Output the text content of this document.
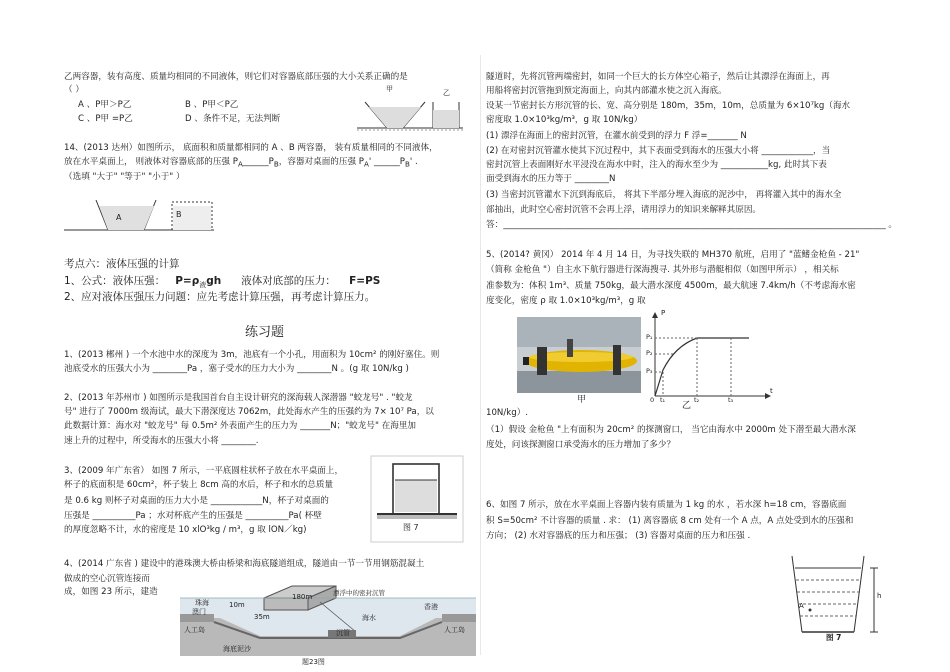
乙两容器，装有高度、质量均相同的不同液体，则它们对容器底部压强的大小关系正确的是
（ ）
A 、P甲＞P乙	B 、P甲＜P乙
C 、P甲 =P乙	D 、条件不足，无法判断
甲	乙
14、(2013 达州）如图所示， 底面积和质量都相同的 A 、B 两容器， 装有质量相同的不同液体，
放在水平桌面上， 则液体对容器底部的压强 $P_A\_\_\_\_\_\_P_B$，容器对桌面的压强 $P_A'$ $\_\_\_\_\_\_P_B'$ .
（选填 "大于" "等于" "小于" ）
A	B
考点六：液体压强的计算
1、公式：液体压强： $P=\rho_液gh$ 液体对底部的压力： F=PS
2、应对液体压强压力问题：应先考虑计算压强，再考虑计算压力。
练习题
1、(2013 郴州 ) 一个水池中水的深度为 3m，池底有一个小孔，用面积为 10cm² 的刚好塞住。则
池底受水的压强大小为 ________Pa ，塞子受水的压力大小为 ________N 。(g 取 10N/kg )
2、(2013 年苏州市 ) 如图所示是我国首台自主设计研究的深海载人深潜器 "蛟龙号" . "蛟龙
号" 进行了 7000m 级海试，最大下潜深度达 7062m，此处海水产生的压强约为 7× 10⁷ Pa，以
此数据计算：海水对 "蛟龙号" 每 0.5m² 外表面产生的压力为 _______N；"蛟龙号" 在海里加
速上升的过程中，所受海水的压强大小将 ________.
3、(2009 年广东省） 如图 7 所示，一平底圆柱状杯子放在水平桌面上，
杯子的底面积是 60cm²，杯子装上 8cm 高的水后，杯子和水的总质量
是 0.6 kg 则杯子对桌面的压力大小是 ____________N，杯子对桌面的
压强是 __________Pa ；水对杯底产生的压强是 __________Pa( 杯壁
的厚度忽略不计，水的密度是 10 xlO³kg / m³，g 取 lON／kg)	图 7
4、(2014 广东省 ) 建设中的港珠澳大桥由桥梁和海底隧道组成，隧道由一节一节用钢筋混凝土
做成的空心沉管连接而
成，如图 23 所示，建造
珠海
澳门
香港
人工岛	人工岛
10m
35m
180m	漂浮中的密封沉管
海水
沉管
海底泥沙
题23图
隧道时，先将沉管两端密封，如同一个巨大的长方体空心箱子，然后让其漂浮在海面上，再
用船将密封沉管拖到预定海面上，向其内部灌水使之沉入海底。
设某一节密封长方形沉管的长、宽、高分别是 180m，35m，10m，总质量为 6×10⁷kg（海水
密度取 1.0×10³kg/m³，g 取 10N/kg）
(1) 漂浮在海面上的密封沉管，在灌水前受到的浮力 F 浮=_______ N
(2) 在对密封沉管灌水使其下沉过程中，其下表面受到海水的压强大小将 ____________，当
密封沉管上表面刚好水平浸没在海水中时，注入的海水至少为 ___________kg, 此时其下表
面受到海水的压力等于 ________N
(3) 当密封沉管灌水下沉到海底后， 将其下半部分埋入海底的泥沙中， 再将灌入其中的海水全
部抽出，此时空心密封沉管不会再上浮，请用浮力的知识来解释其原因。
答：_________________________________________________________________________________________ 。
5、(2014? 黄冈） 2014 年 4 月 14 日，为寻找失联的 MH370 航班，启用了 "蓝鳍金枪鱼 - 21"
（简称 金枪鱼 "）自主水下航行器进行深海搜寻. 其外形与潜艇相似（如图甲所示） ，相关标
准参数为：体积 1m³、质量 750kg，最大潜水深度 4500m，最大航速 7.4km/h（不考虑海水密
度变化，密度 ρ 取 1.0×10³kg/m³，g 取
甲
P
t
P₁
P₂
P₃
0 t₁	t₂	t₃
乙
10N/kg）.
（1）假设 金枪鱼 "上有面积为 20cm² 的探测窗口， 当它由海水中 2000m 处下潜至最大潜水深
度处，问该探测窗口承受海水的压力增加了多少？
6、如图 7 所示，放在水平桌面上容器内装有质量为 1 kg 的水 ，若水深 h=18 cm，容器底面
积 S=50cm² 不计容器的质量 . 求： (1) 离容器底 8 cm 处有一个 A 点，A 点处受到水的压强和
方向； (2) 水对容器底的压力和压强； (3) 容器对桌面的压力和压强 .
A
h
图 7
